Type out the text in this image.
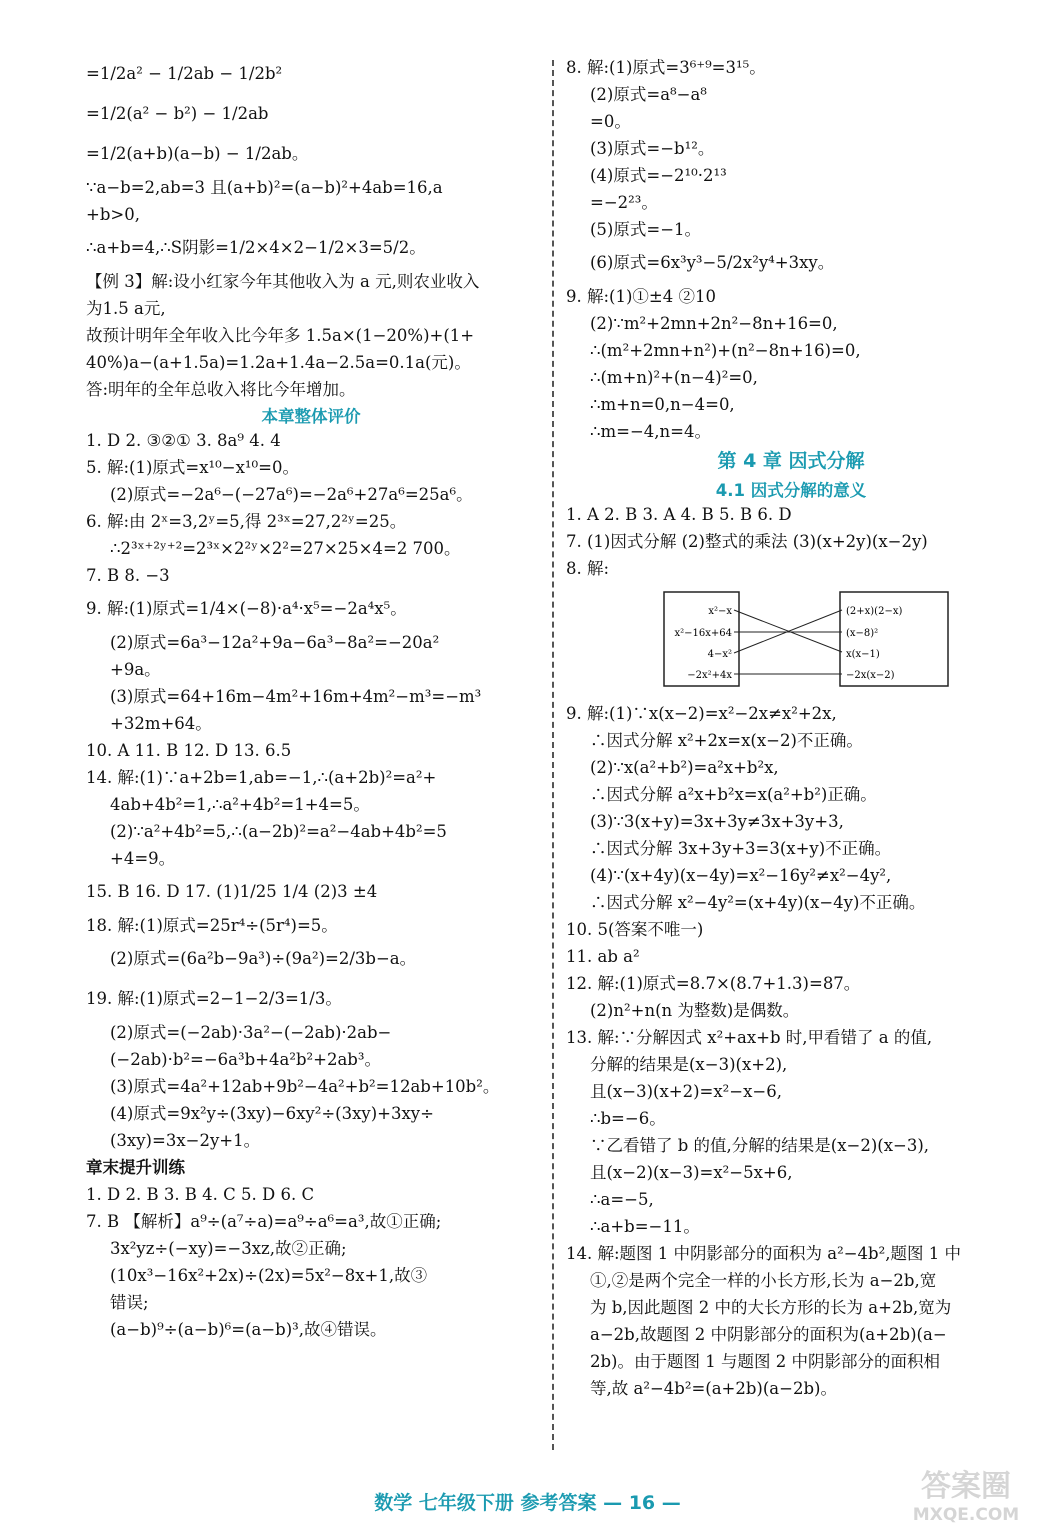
=1/2a² − 1/2ab − 1/2b²
=1/2(a² − b²) − 1/2ab
=1/2(a+b)(a−b) − 1/2ab。
∵a−b=2,ab=3 且(a+b)²=(a−b)²+4ab=16,a
+b>0,
∴a+b=4,∴S阴影=1/2×4×2−1/2×3=5/2。
【例 3】解:设小红家今年其他收入为 a 元,则农业收入
为1.5 a元,
故预计明年全年收入比今年多 1.5a×(1−20%)+(1+
40%)a−(a+1.5a)=1.2a+1.4a−2.5a=0.1a(元)。
答:明年的全年总收入将比今年增加。
本章整体评价
1. D 2. ③②① 3. 8a⁹ 4. 4
5. 解:(1)原式=x¹⁰−x¹⁰=0。
(2)原式=−2a⁶−(−27a⁶)=−2a⁶+27a⁶=25a⁶。
6. 解:由 2ˣ=3,2ʸ=5,得 2³ˣ=27,2²ʸ=25。
∴2³ˣ⁺²ʸ⁺²=2³ˣ×2²ʸ×2²=27×25×4=2 700。
7. B 8. −3
9. 解:(1)原式=1/4×(−8)·a⁴·x⁵=−2a⁴x⁵。
(2)原式=6a³−12a²+9a−6a³−8a²=−20a²
+9a。
(3)原式=64+16m−4m²+16m+4m²−m³=−m³
+32m+64。
10. A 11. B 12. D 13. 6.5
14. 解:(1)∵a+2b=1,ab=−1,∴(a+2b)²=a²+
4ab+4b²=1,∴a²+4b²=1+4=5。
(2)∵a²+4b²=5,∴(a−2b)²=a²−4ab+4b²=5
+4=9。
15. B 16. D 17. (1)1/25 1/4 (2)3 ±4
18. 解:(1)原式=25r⁴÷(5r⁴)=5。
(2)原式=(6a²b−9a³)÷(9a²)=2/3b−a。
19. 解:(1)原式=2−1−2/3=1/3。
(2)原式=(−2ab)·3a²−(−2ab)·2ab−
(−2ab)·b²=−6a³b+4a²b²+2ab³。
(3)原式=4a²+12ab+9b²−4a²+b²=12ab+10b²。
(4)原式=9x²y÷(3xy)−6xy²÷(3xy)+3xy÷
(3xy)=3x−2y+1。
章末提升训练
1. D 2. B 3. B 4. C 5. D 6. C
7. B 【解析】a⁹÷(a⁷÷a)=a⁹÷a⁶=a³,故①正确;
3x²yz÷(−xy)=−3xz,故②正确;
(10x³−16x²+2x)÷(2x)=5x²−8x+1,故③
错误;
(a−b)⁹÷(a−b)⁶=(a−b)³,故④错误。
8. 解:(1)原式=3⁶⁺⁹=3¹⁵。
(2)原式=a⁸−a⁸
=0。
(3)原式=−b¹²。
(4)原式=−2¹⁰·2¹³
=−2²³。
(5)原式=−1。
(6)原式=6x³y³−5/2x²y⁴+3xy。
9. 解:(1)①±4 ②10
(2)∵m²+2mn+2n²−8n+16=0,
∴(m²+2mn+n²)+(n²−8n+16)=0,
∴(m+n)²+(n−4)²=0,
∴m+n=0,n−4=0,
∴m=−4,n=4。
第 4 章 因式分解
4.1 因式分解的意义
1. A 2. B 3. A 4. B 5. B 6. D
7. (1)因式分解 (2)整式的乘法 (3)(x+2y)(x−2y)
8. 解:
x²−x
x²−16x+64
4−x²
−2x²+4x
(2+x)(2−x)
(x−8)²
x(x−1)
−2x(x−2)
9. 解:(1)∵x(x−2)=x²−2x≠x²+2x,
∴因式分解 x²+2x=x(x−2)不正确。
(2)∵x(a²+b²)=a²x+b²x,
∴因式分解 a²x+b²x=x(a²+b²)正确。
(3)∵3(x+y)=3x+3y≠3x+3y+3,
∴因式分解 3x+3y+3=3(x+y)不正确。
(4)∵(x+4y)(x−4y)=x²−16y²≠x²−4y²,
∴因式分解 x²−4y²=(x+4y)(x−4y)不正确。
10. 5(答案不唯一)
11. ab a²
12. 解:(1)原式=8.7×(8.7+1.3)=87。
(2)n²+n(n 为整数)是偶数。
13. 解:∵分解因式 x²+ax+b 时,甲看错了 a 的值,
分解的结果是(x−3)(x+2),
且(x−3)(x+2)=x²−x−6,
∴b=−6。
∵乙看错了 b 的值,分解的结果是(x−2)(x−3),
且(x−2)(x−3)=x²−5x+6,
∴a=−5,
∴a+b=−11。
14. 解:题图 1 中阴影部分的面积为 a²−4b²,题图 1 中
①,②是两个完全一样的小长方形,长为 a−2b,宽
为 b,因此题图 2 中的大长方形的长为 a+2b,宽为
a−2b,故题图 2 中阴影部分的面积为(a+2b)(a−
2b)。由于题图 1 与题图 2 中阴影部分的面积相
等,故 a²−4b²=(a+2b)(a−2b)。
数学 七年级下册 参考答案 — 16 —	答案圈
MXQE.COM
